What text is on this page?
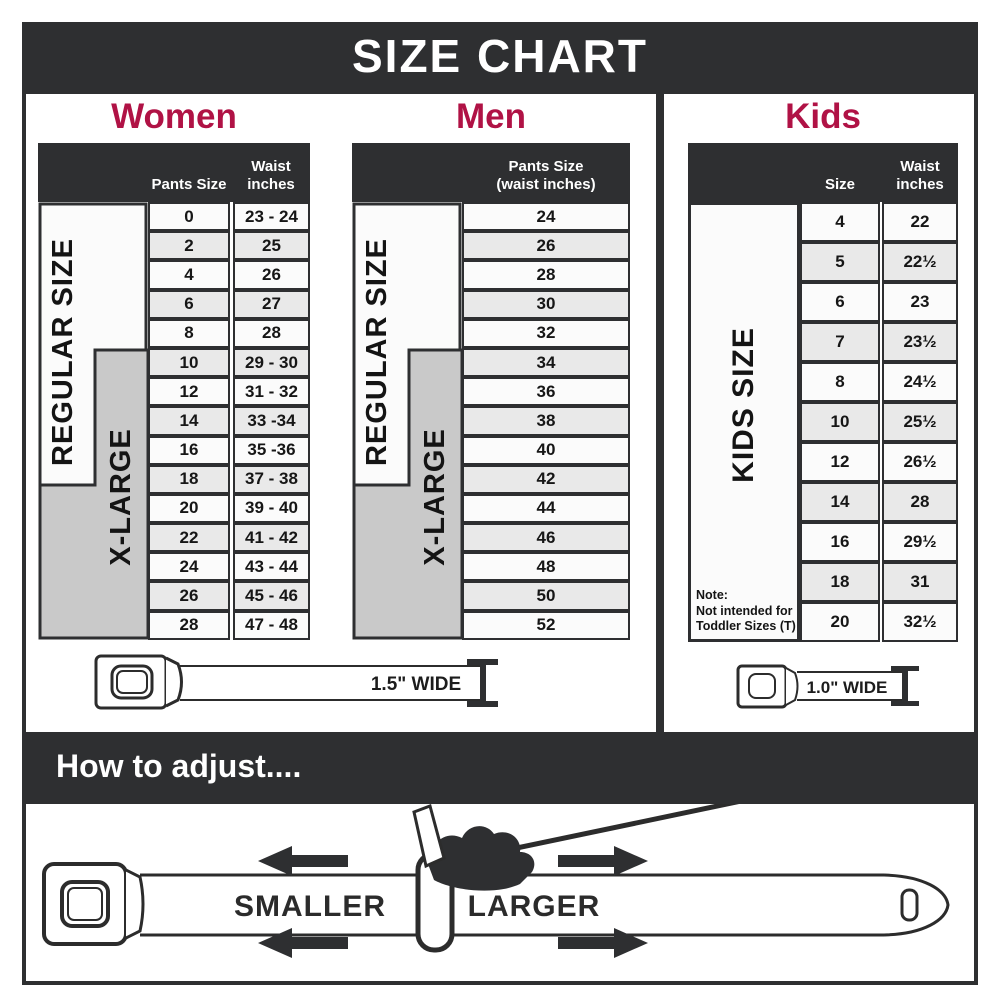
SIZE CHART
Women	Men	Kids
Pants Size
Waist
inches
REGULAR SIZE
X-LARGE
0	23 - 24
2	25
4	26
6	27
8	28
10	29 - 30
12	31 - 32
14	33 -34
16	35 -36
18	37 - 38
20	39 - 40
22	41 - 42
24	43 - 44
26	45 - 46
28	47 - 48
Pants Size
(waist inches)
REGULAR SIZE
X-LARGE
24
26
28
30
32
34
36
38
40
42
44
46
48
50
52
Size
Waist
inches
KIDS SIZE
Note:
Not intended for Toddler Sizes (T)
4	22
5	22½
6	23
7	23½
8	24½
10	25½
12	26½
14	28
16	29½
18	31
20	32½
1.5" WIDE	1.0" WIDE
How to adjust....
SMALLER	LARGER
